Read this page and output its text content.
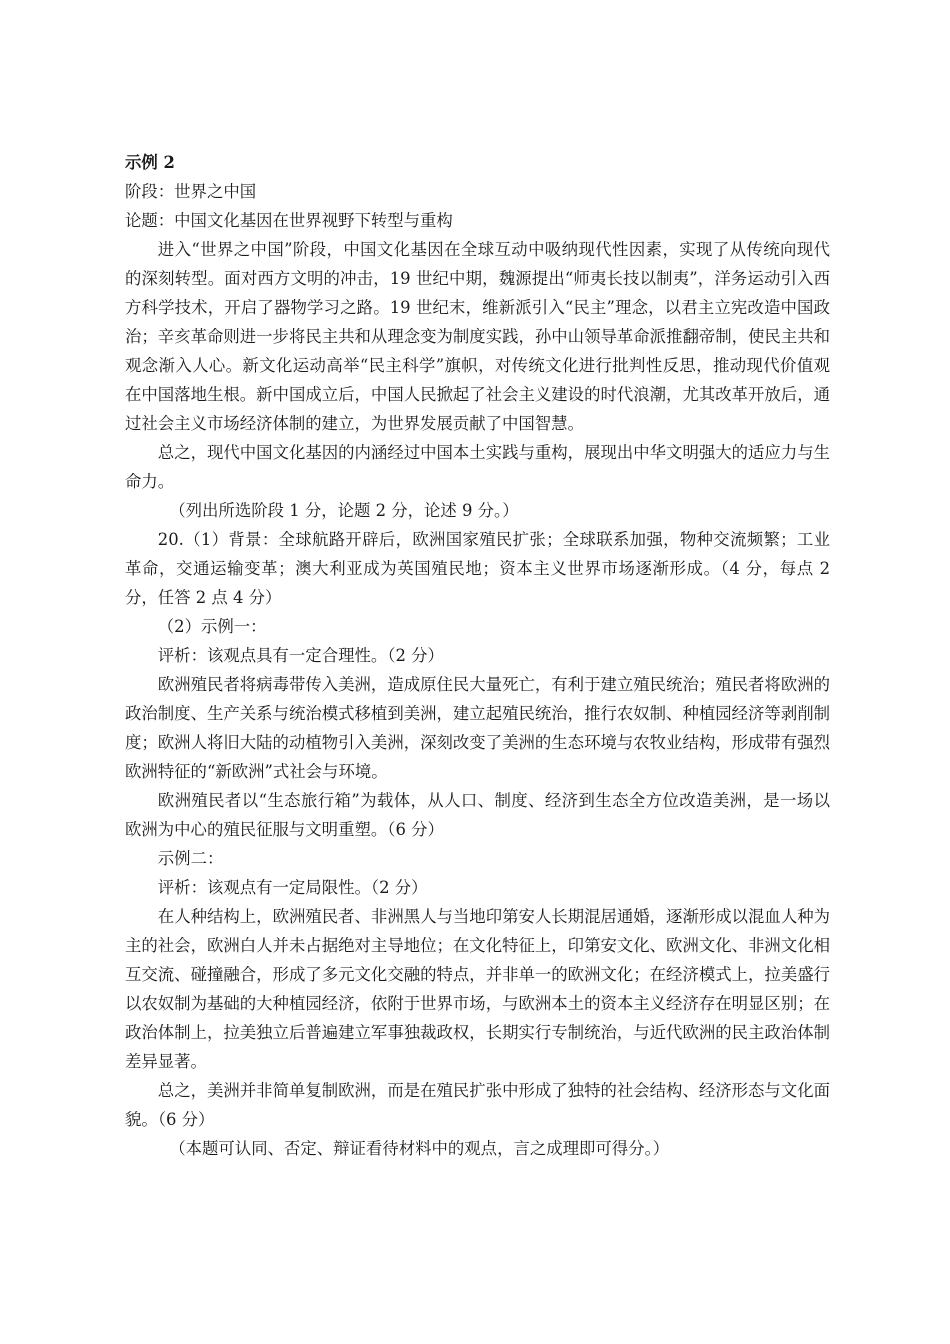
示例 2

阶段：世界之中国

论题：中国文化基因在世界视野下转型与重构

进入“世界之中国”阶段，中国文化基因在全球互动中吸纳现代性因素，实现了从传统向现代的深刻转型。面对西方文明的冲击，19 世纪中期，魏源提出“师夷长技以制夷”，洋务运动引入西方科学技术，开启了器物学习之路。19 世纪末，维新派引入“民主”理念，以君主立宪改造中国政治；辛亥革命则进一步将民主共和从理念变为制度实践，孙中山领导革命派推翻帝制，使民主共和观念渐入人心。新文化运动高举“民主科学”旗帜，对传统文化进行批判性反思，推动现代价值观在中国落地生根。新中国成立后，中国人民掀起了社会主义建设的时代浪潮，尤其改革开放后，通过社会主义市场经济体制的建立，为世界发展贡献了中国智慧。

总之，现代中国文化基因的内涵经过中国本土实践与重构，展现出中华文明强大的适应力与生命力。

（列出所选阶段 1 分，论题 2 分，论述 9 分。）

20.（1）背景：全球航路开辟后，欧洲国家殖民扩张；全球联系加强，物种交流频繁；工业革命，交通运输变革；澳大利亚成为英国殖民地；资本主义世界市场逐渐形成。（4 分，每点 2 分，任答 2 点 4 分）

（2）示例一：

评析：该观点具有一定合理性。（2 分）

欧洲殖民者将病毒带传入美洲，造成原住民大量死亡，有利于建立殖民统治；殖民者将欧洲的政治制度、生产关系与统治模式移植到美洲，建立起殖民统治，推行农奴制、种植园经济等剥削制度；欧洲人将旧大陆的动植物引入美洲，深刻改变了美洲的生态环境与农牧业结构，形成带有强烈欧洲特征的“新欧洲”式社会与环境。

欧洲殖民者以“生态旅行箱”为载体，从人口、制度、经济到生态全方位改造美洲，是一场以欧洲为中心的殖民征服与文明重塑。（6 分）

示例二：

评析：该观点有一定局限性。（2 分）

在人种结构上，欧洲殖民者、非洲黑人与当地印第安人长期混居通婚，逐渐形成以混血人种为主的社会，欧洲白人并未占据绝对主导地位；在文化特征上，印第安文化、欧洲文化、非洲文化相互交流、碰撞融合，形成了多元文化交融的特点，并非单一的欧洲文化；在经济模式上，拉美盛行以农奴制为基础的大种植园经济，依附于世界市场，与欧洲本土的资本主义经济存在明显区别；在政治体制上，拉美独立后普遍建立军事独裁政权，长期实行专制统治，与近代欧洲的民主政治体制差异显著。

总之，美洲并非简单复制欧洲，而是在殖民扩张中形成了独特的社会结构、经济形态与文化面貌。（6 分）

（本题可认同、否定、辩证看待材料中的观点，言之成理即可得分。）
